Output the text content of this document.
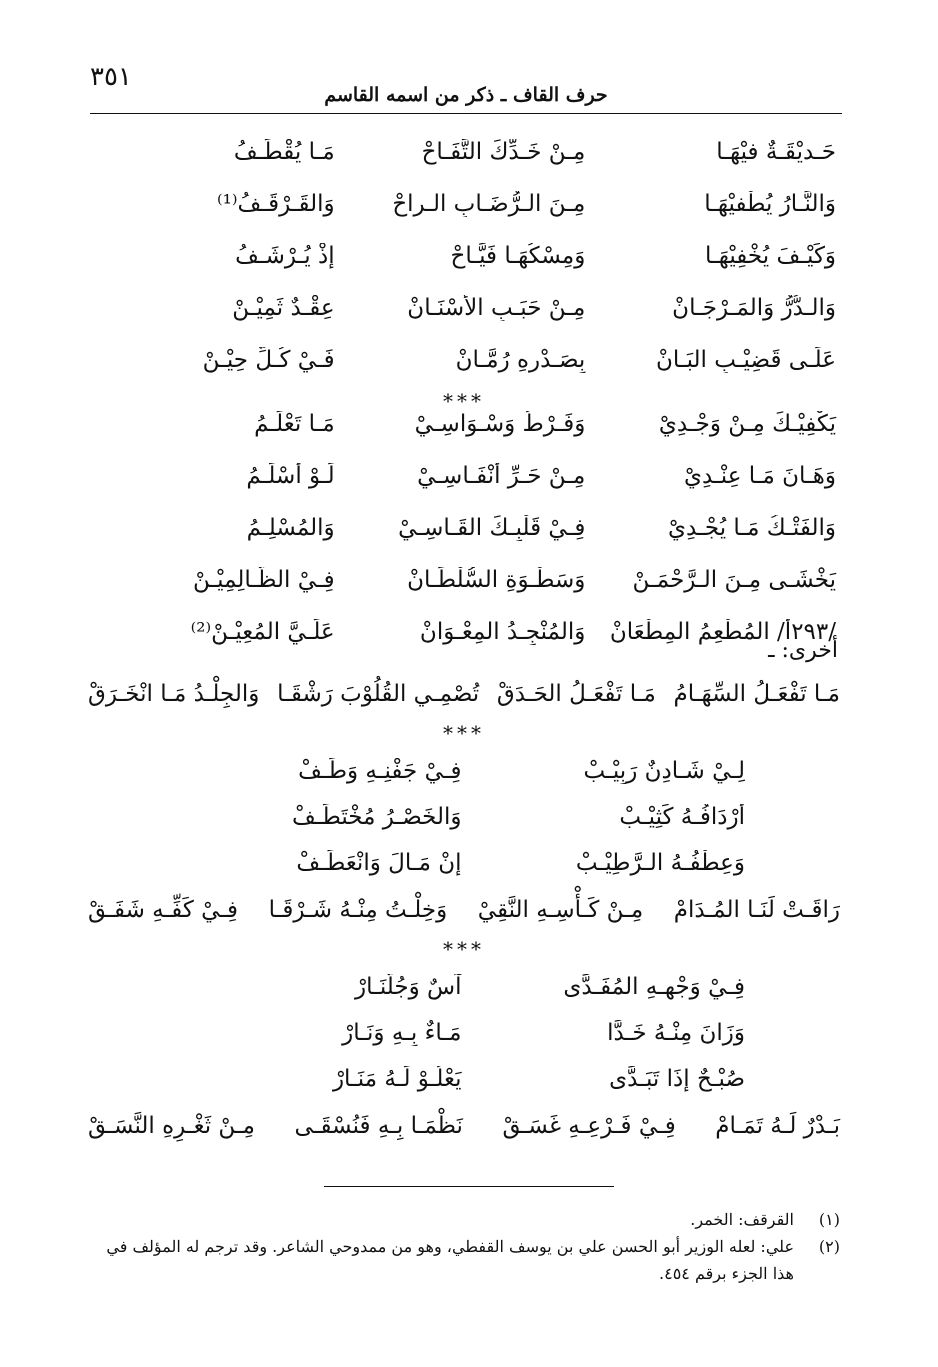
٣٥١
حرف القاف ـ ذكر من اسمه القاسم
حَـديْقَـةٌ فيْهَـا
مِـنْ خَـدِّكَ التَّفَـاحْ
مَـا يُقْطَـفُ
وَالنَّـارُ يُطْفيْهَـا
مِـنَ الـرُّضَـابِ الـراحْ
وَالقَـرْقَـفُ⁽¹⁾
وَكَيْـفَ يُخْفِيْهَـا
وَمِسْكُهَـا فَيَّـاحْ
إذْ يُـرْشَـفُ
وَالـدُّرُّ وَالمَـرْجَـانْ
مِـنْ حَبَـبِ الأَسْنَـانْ
عِقْـدٌ ثَمِيْـنْ
عَلَـى قَضِيْـبِ البَـانْ
بِصَـدْرِهِ رُمَّـانْ
فَـيْ كُـلِّ حِيْـنْ
***
يَكْفِيْـكَ مِـنْ وَجْـدِيْ
وَفَـرْطُ وَسْـوَاسِـيْ
مَـا تَعْلَـمُ
وَهَـانَ مَـا عِنْـدِيْ
مِـنْ حَـرِّ أَنْفَـاسِـيْ
لَـوْ أَسْلَـمُ
وَالفَتْـكُ مَـا يُجْـدِيْ
فِـيْ قَلْبِـكَ القَـاسِـيْ
وَالمُسْلِـمُ
يَخْشَـى مِـنَ الـرَّحْمَـنْ
وَسَطْـوَةِ السُّلْطَـانْ
فِـيْ الظَّـالِمِيْـنْ
/٢٩٣أ/ المُطْعِمُ المِطْعَانْ
وَالمُنْجِـدُ المِعْـوَانْ
عَلَـيَّ المُعِيْـنْ⁽²⁾
أخرى: ـ
مَـا تَفْعَـلُ السِّهَـامُ
مَـا تَفْعَـلُ الحَـدَقْ
تُصْمِـي القُلُوْبَ رَشْقَـا
وَالجِلْـدُ مَـا انْخَـرَقْ
***
لِـيْ شَـادِنٌ رَبِيْـبْ
فِـيْ جَفْنِـهِ وَطَـفْ
أَرْدَافُـهُ كَثِيْـبْ
وَالخَصْـرُ مُخْتَطَـفْ
وَعِطْفُـهُ الـرَّطِيْـبْ
إِنْ مَـالَ وَانْعَطَـفْ
رَاقَـتْ لَنَـا المُـدَامْ
مِـنْ كَـأْسِـهِ النَّقِيْ
وَخِلْـتُ مِنْـهُ شَـرْقَـا
فِـيْ كَفِّـهِ شَفَـقْ
***
فِـيْ وَجْهِـهِ المُفَـدَّى
آسٌ وَجُلَّنَـارْ
وَزَانَ مِنْـهُ خَـدًّا
مَـاءٌ بِـهِ وَنَـارْ
صُبْـحٌ إِذَا تَبَـدَّى
يَعْلُـوْ لَـهُ مَنَـارْ
بَـدْرٌ لَـهُ تَمَـامْ
فِـيْ فَـرْعِـهِ غَسَـقْ
نَظْمَـا بِـهِ فَنُسْقَـى
مِـنْ ثَغْـرِهِ النَّسَـقْ
(١)
القرقف: الخمر.
(٢)
علي: لعله الوزير أبو الحسن علي بن يوسف القفطي، وهو من ممدوحي الشاعر. وقد ترجم له المؤلف في هذا الجزء برقم ٤٥٤.
